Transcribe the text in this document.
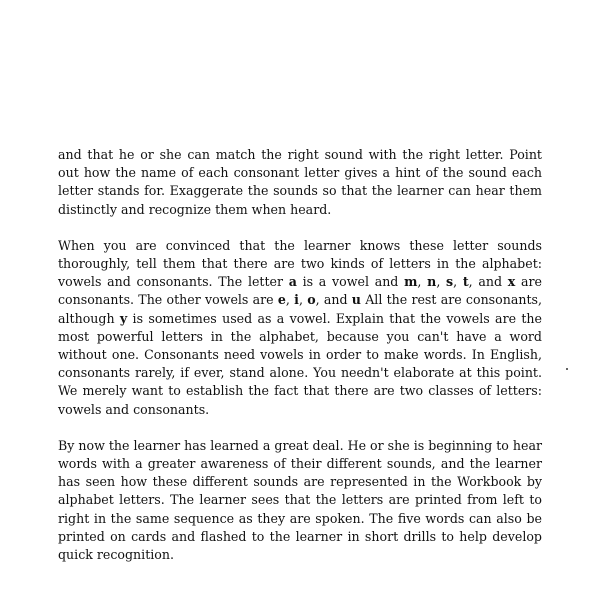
and that he or she can match the right sound with the right letter. Point out how the name of each consonant letter gives a hint of the sound each letter stands for. Exaggerate the sounds so that the learner can hear them distinctly and recognize them when heard.

When you are convinced that the learner knows these letter sounds thoroughly, tell them that there are two kinds of letters in the alphabet: vowels and consonants. The letter a is a vowel and m, n, s, t, and x are consonants. The other vowels are e, i, o, and u All the rest are consonants, although y is sometimes used as a vowel. Explain that the vowels are the most powerful letters in the alphabet, because you can't have a word without one. Consonants need vowels in order to make words. In English, consonants rarely, if ever, stand alone. You needn't elaborate at this point. We merely want to establish the fact that there are two classes of letters: vowels and consonants.

By now the learner has learned a great deal. He or she is beginning to hear words with a greater awareness of their different sounds, and the learner has seen how these different sounds are represented in the Workbook by alphabet letters. The learner sees that the letters are printed from left to right in the same sequence as they are spoken. The five words can also be printed on cards and flashed to the learner in short drills to help develop quick recognition.
